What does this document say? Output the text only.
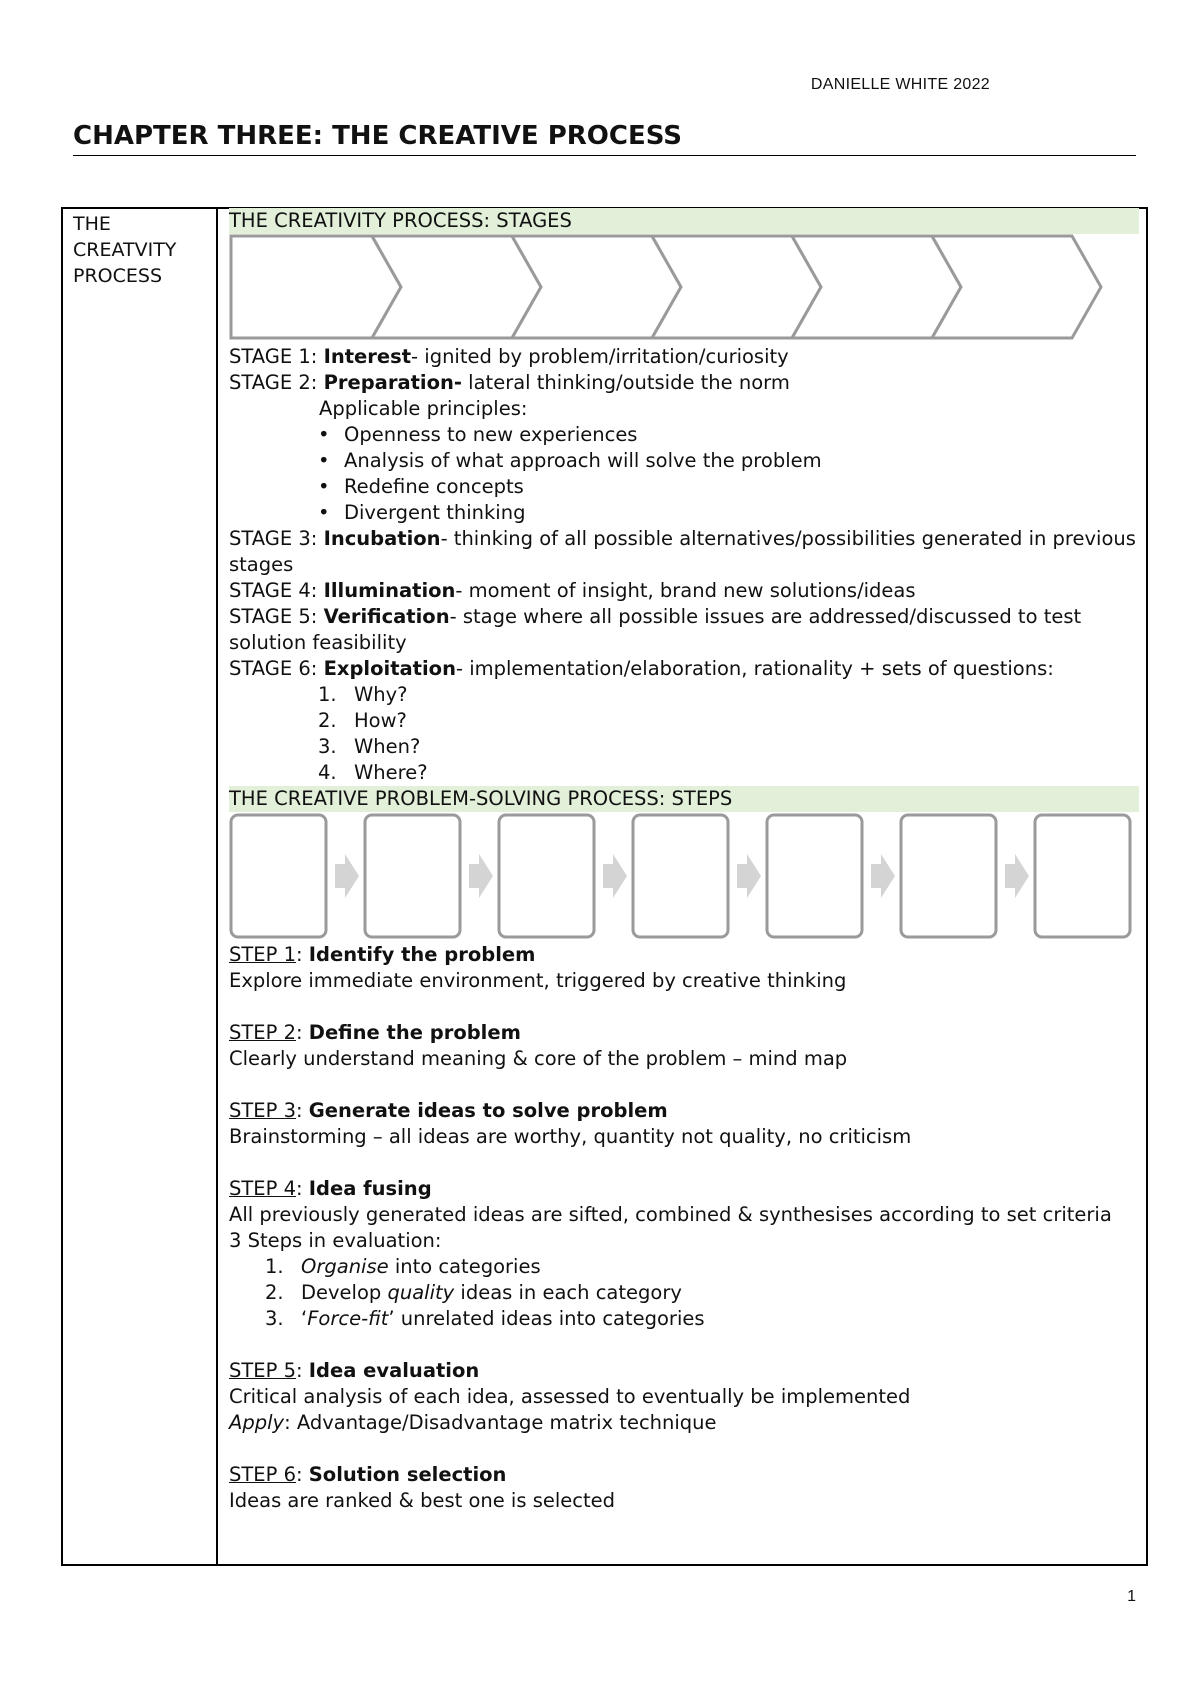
DANIELLE WHITE 2022
CHAPTER THREE: THE CREATIVE PROCESS
THE CREATVITY PROCESS
THE CREATIVITY PROCESS: STAGES

STAGE 1: Interest- ignited by problem/irritation/curiosity

STAGE 2: Preparation- lateral thinking/outside the norm

Applicable principles:

• Openness to new experiences

• Analysis of what approach will solve the problem

• Redefine concepts

• Divergent thinking

STAGE 3: Incubation- thinking of all possible alternatives/possibilities generated in previous stages

STAGE 4: Illumination- moment of insight, brand new solutions/ideas

STAGE 5: Verification- stage where all possible issues are addressed/discussed to test solution feasibility

STAGE 6: Exploitation- implementation/elaboration, rationality + sets of questions:

1. Why?

2. How?

3. When?

4. Where?

THE CREATIVE PROBLEM-SOLVING PROCESS: STEPS

STEP 1: Identify the problem

Explore immediate environment, triggered by creative thinking

STEP 2: Define the problem

Clearly understand meaning & core of the problem – mind map

STEP 3: Generate ideas to solve problem

Brainstorming – all ideas are worthy, quantity not quality, no criticism

STEP 4: Idea fusing

All previously generated ideas are sifted, combined & synthesises according to set criteria

3 Steps in evaluation:

1. Organise into categories

2. Develop quality ideas in each category

3. ‘Force-fit’ unrelated ideas into categories

STEP 5: Idea evaluation

Critical analysis of each idea, assessed to eventually be implemented

Apply: Advantage/Disadvantage matrix technique

STEP 6: Solution selection

Ideas are ranked & best one is selected

1
